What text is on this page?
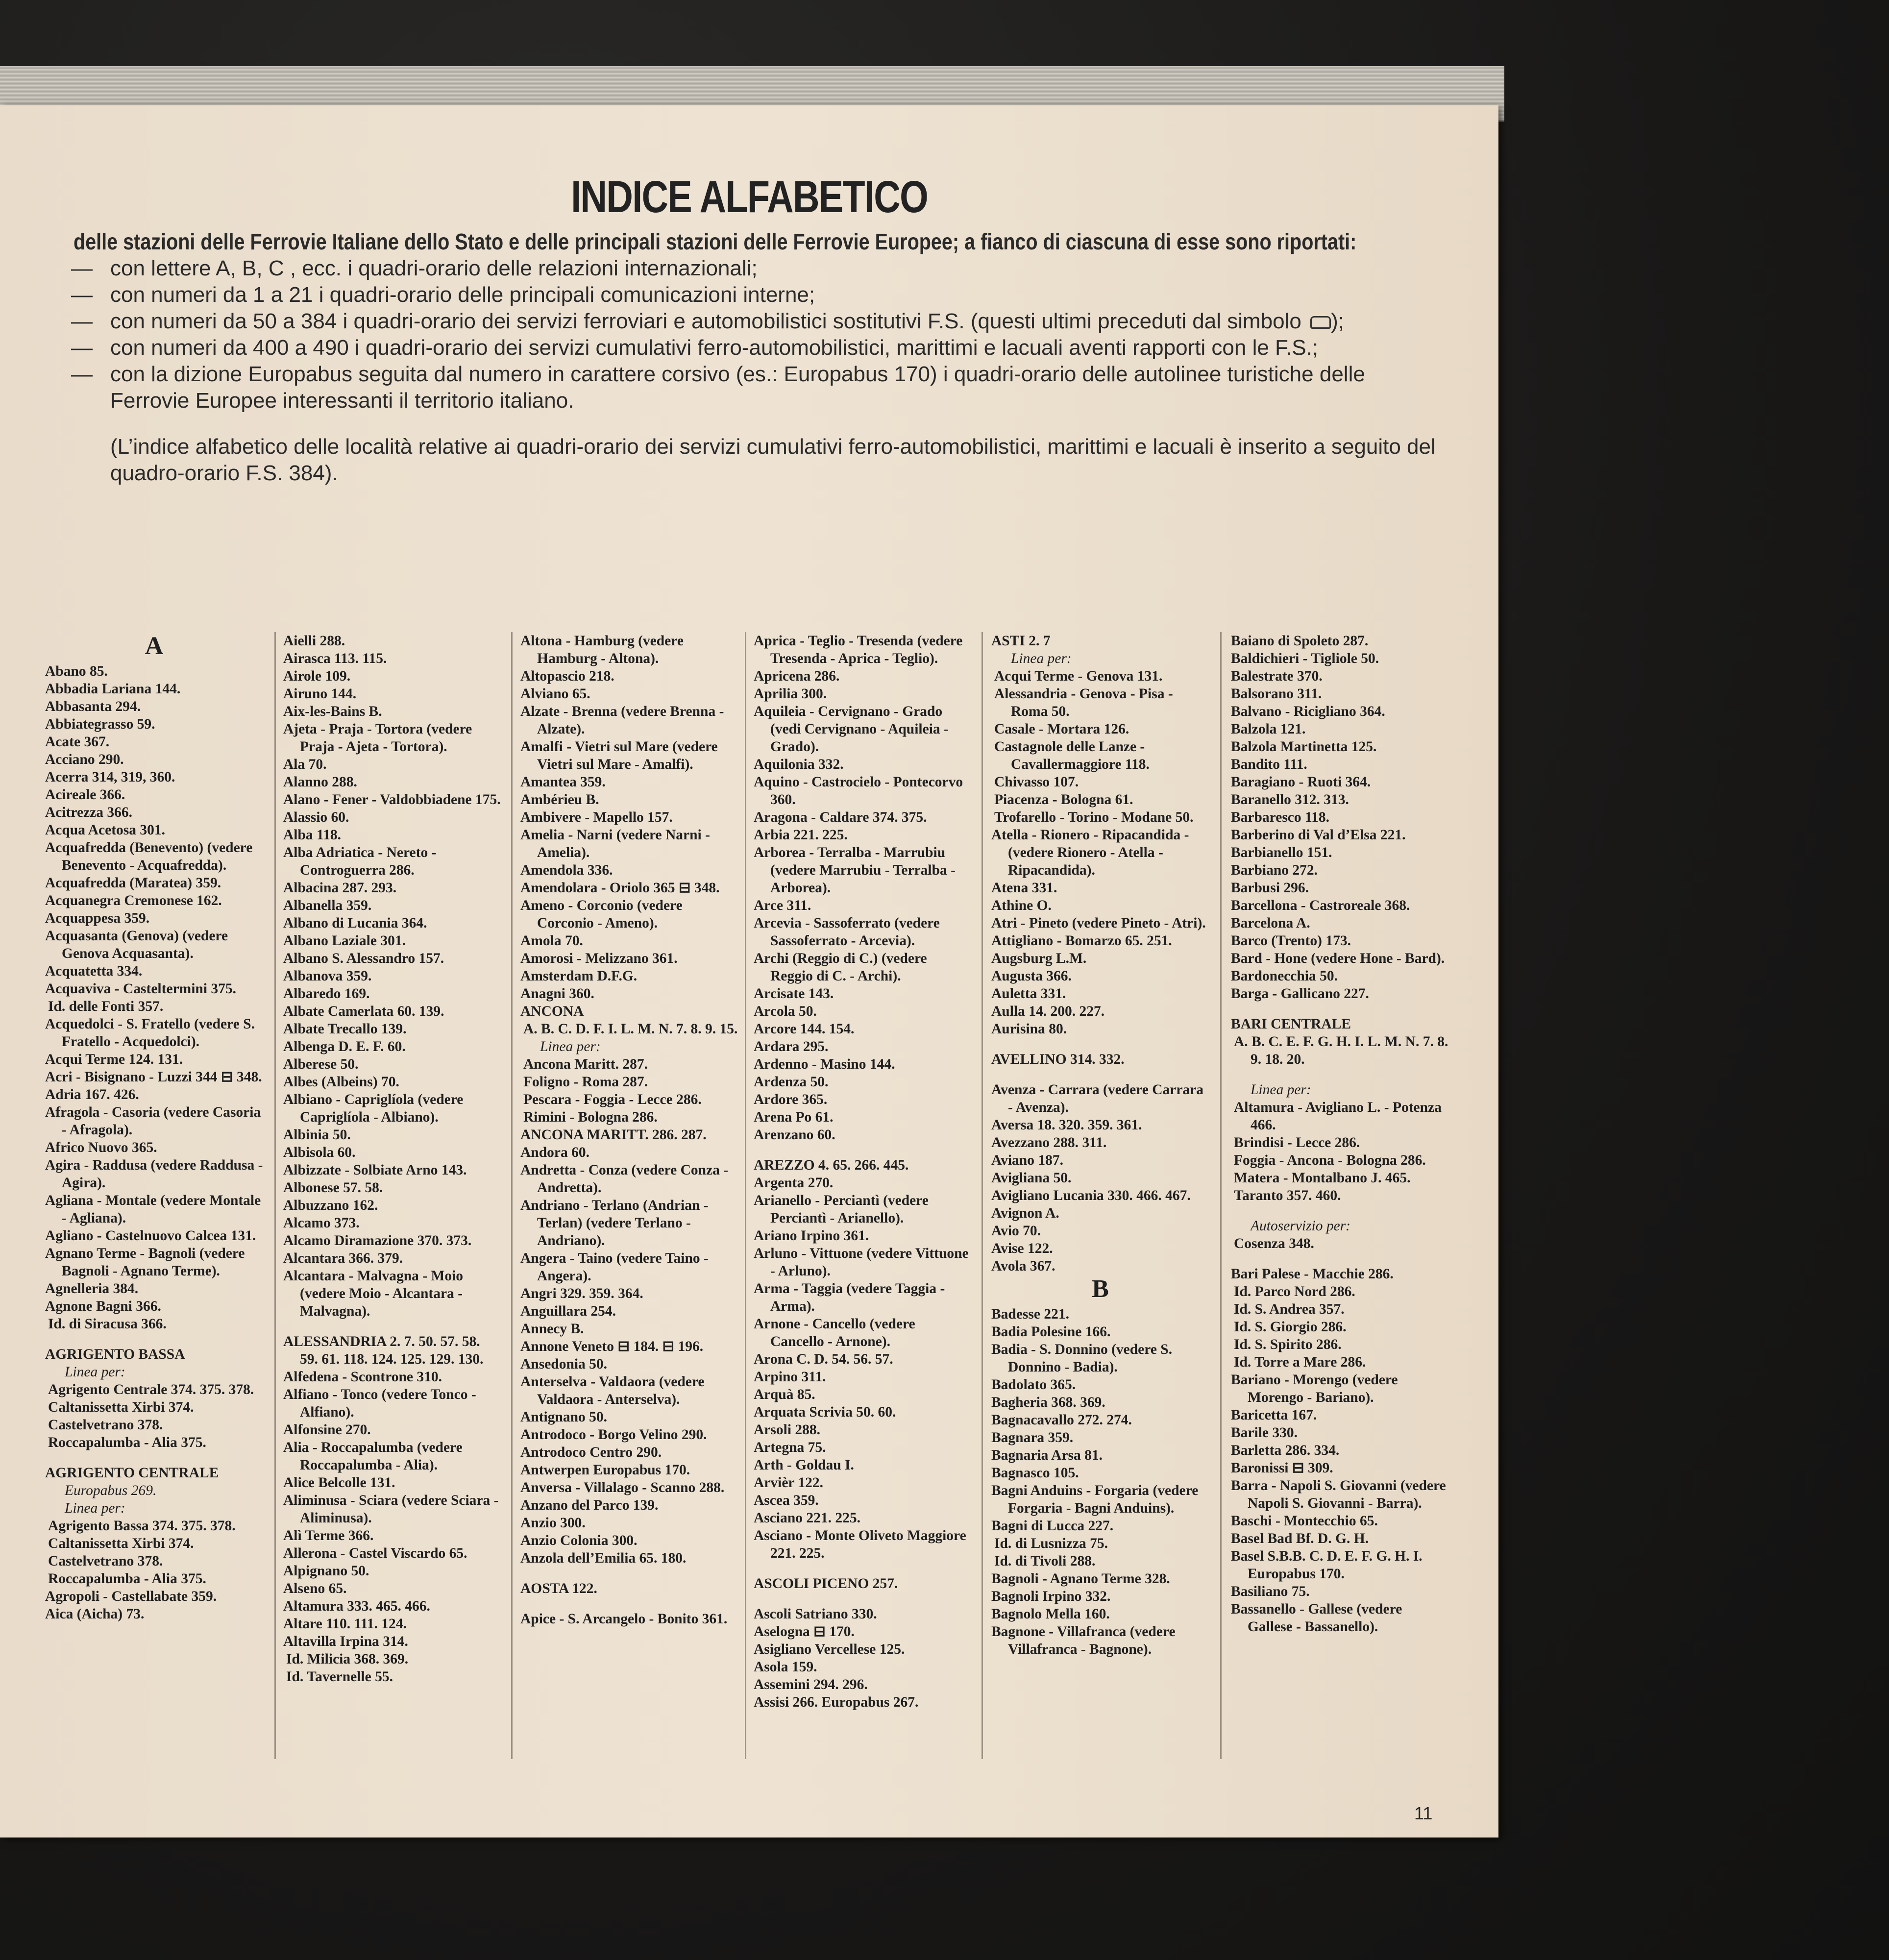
INDICE ALFABETICO

delle stazioni delle Ferrovie Italiane dello Stato e delle principali stazioni delle Ferrovie Europee; a fianco di ciascuna di esse sono riportati:

— con lettere A, B, C , ecc. i quadri-orario delle relazioni internazionali;

— con numeri da 1 a 21 i quadri-orario delle principali comunicazioni interne;

— con numeri da 50 a 384 i quadri-orario dei servizi ferroviari e automobilistici sostitutivi F.S. (questi ultimi preceduti dal simbolo );

— con numeri da 400 a 490 i quadri-orario dei servizi cumulativi ferro-automobilistici, marittimi e lacuali aventi rapporti con le F.S.;

— con la dizione Europabus seguita dal numero in carattere corsivo (es.: Europabus 170) i quadri-orario delle autolinee turistiche delle Ferrovie Europee interessanti il territorio italiano.

(L’indice alfabetico delle località relative ai quadri-orario dei servizi cumulativi ferro-automobilistici, marittimi e lacuali è inserito a seguito del quadro-orario F.S. 384).

A
Abano 85.
Abbadia Lariana 144.
Abbasanta 294.
Abbiategrasso 59.
Acate 367.
Acciano 290.
Acerra 314, 319, 360.
Acireale 366.
Acitrezza 366.
Acqua Acetosa 301.
Acquafredda (Benevento) (vedere Benevento - Acquafredda).
Acquafredda (Maratea) 359.
Acquanegra Cremonese 162.
Acquappesa 359.
Acquasanta (Genova) (vedere Genova Acquasanta).
Acquatetta 334.
Acquaviva - Casteltermini 375.
Id. delle Fonti 357.
Acquedolci - S. Fratello (vedere S. Fratello - Acquedolci).
Acqui Terme 124. 131.
Acri - Bisignano - Luzzi 344 ⊟ 348.
Adria 167. 426.
Afragola - Casoria (vedere Casoria - Afragola).
Africo Nuovo 365.
Agira - Raddusa (vedere Raddusa - Agira).
Agliana - Montale (vedere Montale - Agliana).
Agliano - Castelnuovo Calcea 131.
Agnano Terme - Bagnoli (vedere Bagnoli - Agnano Terme).
Agnelleria 384.
Agnone Bagni 366.
Id. di Siracusa 366.
AGRIGENTO BASSA
Linea per:
Agrigento Centrale 374. 375. 378.
Caltanissetta Xirbi 374.
Castelvetrano 378.
Roccapalumba - Alia 375.
AGRIGENTO CENTRALE
Europabus 269.
Linea per:
Agrigento Bassa 374. 375. 378.
Caltanissetta Xirbi 374.
Castelvetrano 378.
Roccapalumba - Alia 375.
Agropoli - Castellabate 359.
Aica (Aicha) 73.
Aielli 288.
Airasca 113. 115.
Airole 109.
Airuno 144.
Aix-les-Bains B.
Ajeta - Praja - Tortora (vedere Praja - Ajeta - Tortora).
Ala 70.
Alanno 288.
Alano - Fener - Valdobbiadene 175.
Alassio 60.
Alba 118.
Alba Adriatica - Nereto - Controguerra 286.
Albacina 287. 293.
Albanella 359.
Albano di Lucania 364.
Albano Laziale 301.
Albano S. Alessandro 157.
Albanova 359.
Albaredo 169.
Albate Camerlata 60. 139.
Albate Trecallo 139.
Albenga D. E. F. 60.
Alberese 50.
Albes (Albeins) 70.
Albiano - Capriglíola (vedere Capriglíola - Albiano).
Albinia 50.
Albisola 60.
Albizzate - Solbiate Arno 143.
Albonese 57. 58.
Albuzzano 162.
Alcamo 373.
Alcamo Diramazione 370. 373.
Alcantara 366. 379.
Alcantara - Malvagna - Moio (vedere Moio - Alcantara - Malvagna).
ALESSANDRIA 2. 7. 50. 57. 58. 59. 61. 118. 124. 125. 129. 130.
Alfedena - Scontrone 310.
Alfiano - Tonco (vedere Tonco - Alfiano).
Alfonsine 270.
Alia - Roccapalumba (vedere Roccapalumba - Alia).
Alice Belcolle 131.
Aliminusa - Sciara (vedere Sciara - Aliminusa).
Alì Terme 366.
Allerona - Castel Viscardo 65.
Alpignano 50.
Alseno 65.
Altamura 333. 465. 466.
Altare 110. 111. 124.
Altavilla Irpina 314.
Id. Milicia 368. 369.
Id. Tavernelle 55.
Altona - Hamburg (vedere Hamburg - Altona).
Altopascio 218.
Alviano 65.
Alzate - Brenna (vedere Brenna - Alzate).
Amalfi - Vietri sul Mare (vedere Vietri sul Mare - Amalfi).
Amantea 359.
Ambérieu B.
Ambivere - Mapello 157.
Amelia - Narni (vedere Narni - Amelia).
Amendola 336.
Amendolara - Oriolo 365 ⊟ 348.
Ameno - Corconio (vedere Corconio - Ameno).
Amola 70.
Amorosi - Melizzano 361.
Amsterdam D.F.G.
Anagni 360.
ANCONA
A. B. C. D. F. I. L. M. N. 7. 8. 9. 15.
Linea per:
Ancona Maritt. 287.
Foligno - Roma 287.
Pescara - Foggia - Lecce 286.
Rimini - Bologna 286.
ANCONA MARITT. 286. 287.
Andora 60.
Andretta - Conza (vedere Conza - Andretta).
Andriano - Terlano (Andrian - Terlan) (vedere Terlano - Andriano).
Angera - Taino (vedere Taino - Angera).
Angri 329. 359. 364.
Anguillara 254.
Annecy B.
Annone Veneto ⊟ 184. ⊟ 196.
Ansedonia 50.
Anterselva - Valdaora (vedere Valdaora - Anterselva).
Antignano 50.
Antrodoco - Borgo Velino 290.
Antrodoco Centro 290.
Antwerpen Europabus 170.
Anversa - Villalago - Scanno 288.
Anzano del Parco 139.
Anzio 300.
Anzio Colonia 300.
Anzola dell’Emilia 65. 180.
AOSTA 122.
Apice - S. Arcangelo - Bonito 361.
Aprica - Teglio - Tresenda (vedere Tresenda - Aprica - Teglio).
Apricena 286.
Aprilia 300.
Aquileia - Cervignano - Grado (vedi Cervignano - Aquileia - Grado).
Aquilonia 332.
Aquino - Castrocielo - Pontecorvo 360.
Aragona - Caldare 374. 375.
Arbia 221. 225.
Arborea - Terralba - Marrubiu (vedere Marrubiu - Terralba - Arborea).
Arce 311.
Arcevia - Sassoferrato (vedere Sassoferrato - Arcevia).
Archi (Reggio di C.) (vedere Reggio di C. - Archi).
Arcisate 143.
Arcola 50.
Arcore 144. 154.
Ardara 295.
Ardenno - Masino 144.
Ardenza 50.
Ardore 365.
Arena Po 61.
Arenzano 60.
AREZZO 4. 65. 266. 445.
Argenta 270.
Arianello - Perciantì (vedere Perciantì - Arianello).
Ariano Irpino 361.
Arluno - Vittuone (vedere Vittuone - Arluno).
Arma - Taggia (vedere Taggia - Arma).
Arnone - Cancello (vedere Cancello - Arnone).
Arona C. D. 54. 56. 57.
Arpino 311.
Arquà 85.
Arquata Scrivia 50. 60.
Arsoli 288.
Artegna 75.
Arth - Goldau I.
Arvièr 122.
Ascea 359.
Asciano 221. 225.
Asciano - Monte Oliveto Maggiore 221. 225.
ASCOLI PICENO 257.
Ascoli Satriano 330.
Aselogna ⊟ 170.
Asigliano Vercellese 125.
Asola 159.
Assemini 294. 296.
Assisi 266. Europabus 267.
ASTI 2. 7
Linea per:
Acqui Terme - Genova 131.
Alessandria - Genova - Pisa - Roma 50.
Casale - Mortara 126.
Castagnole delle Lanze - Cavallermaggiore 118.
Chivasso 107.
Piacenza - Bologna 61.
Trofarello - Torino - Modane 50.
Atella - Rionero - Ripacandida - (vedere Rionero - Atella - Ripacandida).
Atena 331.
Athine O.
Atri - Pineto (vedere Pineto - Atri).
Attigliano - Bomarzo 65. 251.
Augsburg L.M.
Augusta 366.
Auletta 331.
Aulla 14. 200. 227.
Aurisina 80.
AVELLINO 314. 332.
Avenza - Carrara (vedere Carrara - Avenza).
Aversa 18. 320. 359. 361.
Avezzano 288. 311.
Aviano 187.
Avigliana 50.
Avigliano Lucania 330. 466. 467.
Avignon A.
Avio 70.
Avise 122.
Avola 367.
B
Badesse 221.
Badia Polesine 166.
Badia - S. Donnino (vedere S. Donnino - Badia).
Badolato 365.
Bagheria 368. 369.
Bagnacavallo 272. 274.
Bagnara 359.
Bagnaria Arsa 81.
Bagnasco 105.
Bagni Anduins - Forgaria (vedere Forgaria - Bagni Anduins).
Bagni di Lucca 227.
Id. di Lusnizza 75.
Id. di Tivoli 288.
Bagnoli - Agnano Terme 328.
Bagnoli Irpino 332.
Bagnolo Mella 160.
Bagnone - Villafranca (vedere Villafranca - Bagnone).
Baiano di Spoleto 287.
Baldichieri - Tigliole 50.
Balestrate 370.
Balsorano 311.
Balvano - Ricigliano 364.
Balzola 121.
Balzola Martinetta 125.
Bandito 111.
Baragiano - Ruoti 364.
Baranello 312. 313.
Barbaresco 118.
Barberino di Val d’Elsa 221.
Barbianello 151.
Barbiano 272.
Barbusi 296.
Barcellona - Castroreale 368.
Barcelona A.
Barco (Trento) 173.
Bard - Hone (vedere Hone - Bard).
Bardonecchia 50.
Barga - Gallicano 227.
BARI CENTRALE
A. B. C. E. F. G. H. I. L. M. N. 7. 8. 9. 18. 20.
Linea per:
Altamura - Avigliano L. - Potenza 466.
Brindisi - Lecce 286.
Foggia - Ancona - Bologna 286.
Matera - Montalbano J. 465.
Taranto 357. 460.
Autoservizio per:
Cosenza 348.
Bari Palese - Macchie 286.
Id. Parco Nord 286.
Id. S. Andrea 357.
Id. S. Giorgio 286.
Id. S. Spirito 286.
Id. Torre a Mare 286.
Bariano - Morengo (vedere Morengo - Bariano).
Baricetta 167.
Barile 330.
Barletta 286. 334.
Baronissi ⊟ 309.
Barra - Napoli S. Giovanni (vedere Napoli S. Giovanni - Barra).
Baschi - Montecchio 65.
Basel Bad Bf. D. G. H.
Basel S.B.B. C. D. E. F. G. H. I. Europabus 170.
Basiliano 75.
Bassanello - Gallese (vedere Gallese - Bassanello).
11
